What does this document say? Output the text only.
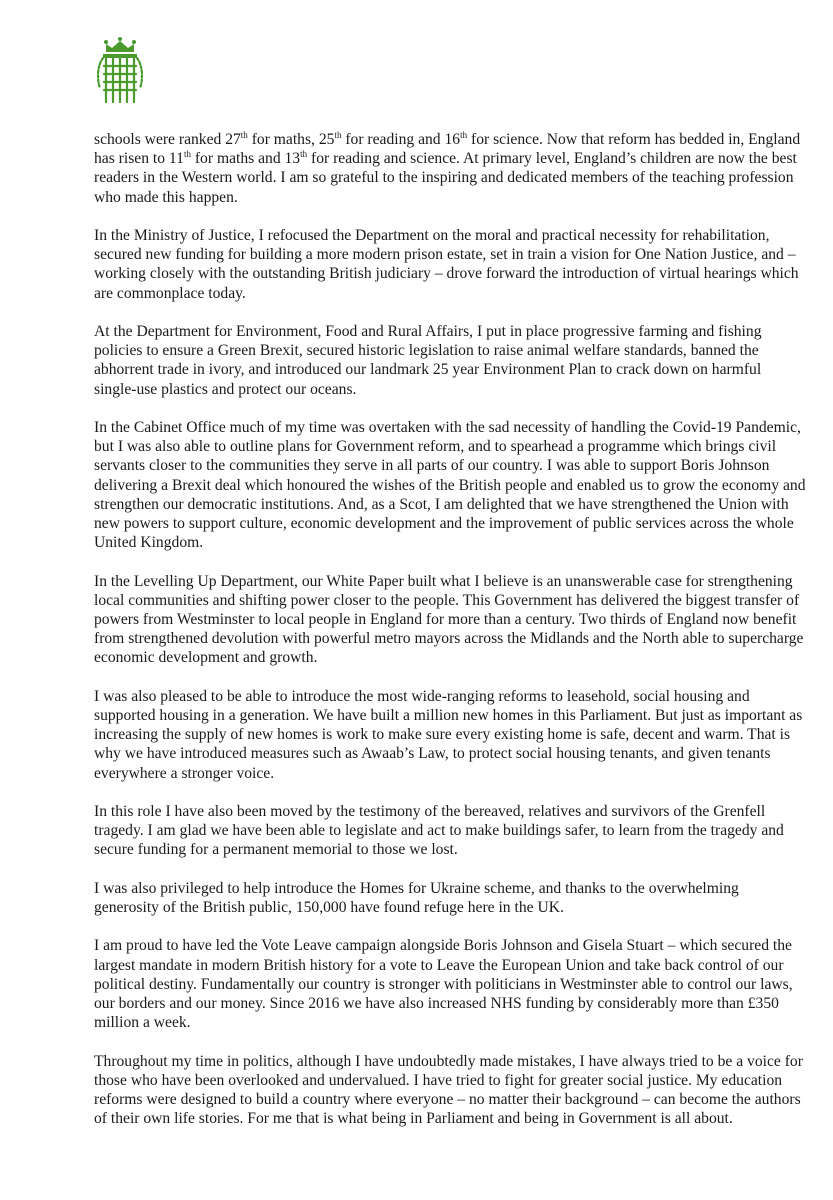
schools were ranked 27th for maths, 25th for reading and 16th for science. Now that reform has bedded in, England has risen to 11th for maths and 13th for reading and science. At primary level, England’s children are now the best readers in the Western world. I am so grateful to the inspiring and dedicated members of the teaching profession who made this happen.

In the Ministry of Justice, I refocused the Department on the moral and practical necessity for rehabilitation, secured new funding for building a more modern prison estate, set in train a vision for One Nation Justice, and – working closely with the outstanding British judiciary – drove forward the introduction of virtual hearings which are commonplace today.

At the Department for Environment, Food and Rural Affairs, I put in place progressive farming and fishing policies to ensure a Green Brexit, secured historic legislation to raise animal welfare standards, banned the abhorrent trade in ivory, and introduced our landmark 25 year Environment Plan to crack down on harmful single-use plastics and protect our oceans.

In the Cabinet Office much of my time was overtaken with the sad necessity of handling the Covid-19 Pandemic, but I was also able to outline plans for Government reform, and to spearhead a programme which brings civil servants closer to the communities they serve in all parts of our country. I was able to support Boris Johnson delivering a Brexit deal which honoured the wishes of the British people and enabled us to grow the economy and strengthen our democratic institutions. And, as a Scot, I am delighted that we have strengthened the Union with new powers to support culture, economic development and the improvement of public services across the whole United Kingdom.

In the Levelling Up Department, our White Paper built what I believe is an unanswerable case for strengthening local communities and shifting power closer to the people. This Government has delivered the biggest transfer of powers from Westminster to local people in England for more than a century. Two thirds of England now benefit from strengthened devolution with powerful metro mayors across the Midlands and the North able to supercharge economic development and growth.

I was also pleased to be able to introduce the most wide-ranging reforms to leasehold, social housing and supported housing in a generation. We have built a million new homes in this Parliament. But just as important as increasing the supply of new homes is work to make sure every existing home is safe, decent and warm. That is why we have introduced measures such as Awaab’s Law, to protect social housing tenants, and given tenants everywhere a stronger voice.

In this role I have also been moved by the testimony of the bereaved, relatives and survivors of the Grenfell tragedy. I am glad we have been able to legislate and act to make buildings safer, to learn from the tragedy and secure funding for a permanent memorial to those we lost.

I was also privileged to help introduce the Homes for Ukraine scheme, and thanks to the overwhelming generosity of the British public, 150,000 have found refuge here in the UK.

I am proud to have led the Vote Leave campaign alongside Boris Johnson and Gisela Stuart – which secured the largest mandate in modern British history for a vote to Leave the European Union and take back control of our political destiny. Fundamentally our country is stronger with politicians in Westminster able to control our laws, our borders and our money. Since 2016 we have also increased NHS funding by considerably more than £350 million a week.

Throughout my time in politics, although I have undoubtedly made mistakes, I have always tried to be a voice for those who have been overlooked and undervalued. I have tried to fight for greater social justice. My education reforms were designed to build a country where everyone – no matter their background – can become the authors of their own life stories. For me that is what being in Parliament and being in Government is all about.
